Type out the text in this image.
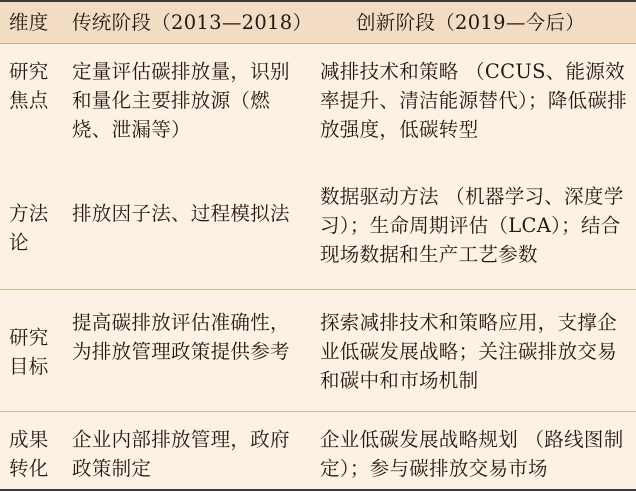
维度	传统阶段（2013—2018） 创新阶段（2019—今后）
研究焦点
定量评估碳排放量，识别和量化主要排放源（燃烧、泄漏等）
减排技术和策略 （CCUS、能源效率提升、清洁能源替代）；降低碳排放强度，低碳转型
方法论
排放因子法、过程模拟法
数据驱动方法 （机器学习、深度学习）；生命周期评估（LCA）；结合现场数据和生产工艺参数
研究目标
提高碳排放评估准确性，为排放管理政策提供参考
探索减排技术和策略应用，支撑企业低碳发展战略；关注碳排放交易和碳中和市场机制
成果转化
企业内部排放管理，政府政策制定
企业低碳发展战略规划 （路线图制定）；参与碳排放交易市场
